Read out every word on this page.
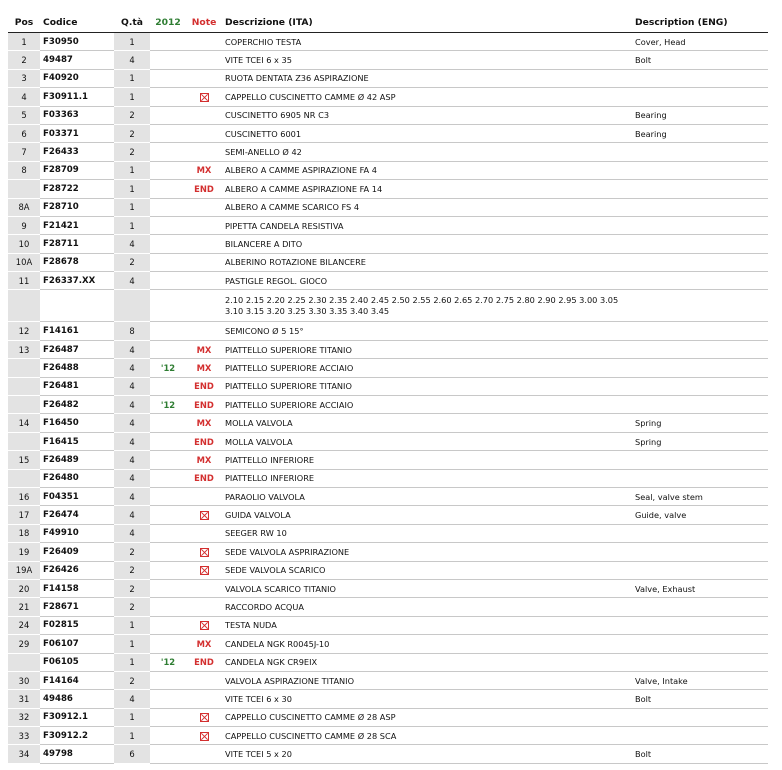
Pos	Codice	Q.tà	2012	Note	Descrizione (ITA)	Description (ENG)
1	F30950	1			COPERCHIO TESTA	Cover, Head
2	49487	4			VITE TCEI 6 x 35	Bolt
3	F40920	1			RUOTA DENTATA Z36 ASPIRAZIONE	
4	F30911.1	1			CAPPELLO CUSCINETTO CAMME Ø 42 ASP	
5	F03363	2			CUSCINETTO 6905 NR C3	Bearing
6	F03371	2			CUSCINETTO 6001	Bearing
7	F26433	2			SEMI-ANELLO Ø 42	
8	F28709	1		MX	ALBERO A CAMME ASPIRAZIONE FA 4	
	F28722	1		END	ALBERO A CAMME ASPIRAZIONE FA 14	
8A	F28710	1			ALBERO A CAMME SCARICO FS 4	
9	F21421	1			PIPETTA CANDELA RESISTIVA	
10	F28711	4			BILANCERE A DITO	
10A	F28678	2			ALBERINO ROTAZIONE BILANCERE	
11	F26337.XX	4			PASTIGLE REGOL. GIOCO	
					2.10 2.15 2.20 2.25 2.30 2.35 2.40 2.45 2.50 2.55 2.60 2.65 2.70 2.75 2.80 2.90 2.95 3.00 3.05 3.10 3.15 3.20 3.25 3.30 3.35 3.40 3.45	
12	F14161	8			SEMICONO Ø 5 15°	
13	F26487	4		MX	PIATTELLO SUPERIORE TITANIO	
	F26488	4	'12	MX	PIATTELLO SUPERIORE ACCIAIO	
	F26481	4		END	PIATTELLO SUPERIORE TITANIO	
	F26482	4	'12	END	PIATTELLO SUPERIORE ACCIAIO	
14	F16450	4		MX	MOLLA VALVOLA	Spring
	F16415	4		END	MOLLA VALVOLA	Spring
15	F26489	4		MX	PIATTELLO INFERIORE	
	F26480	4		END	PIATTELLO INFERIORE	
16	F04351	4			PARAOLIO VALVOLA	Seal, valve stem
17	F26474	4			GUIDA VALVOLA	Guide, valve
18	F49910	4			SEEGER RW 10	
19	F26409	2			SEDE VALVOLA ASPRIRAZIONE	
19A	F26426	2			SEDE VALVOLA SCARICO	
20	F14158	2			VALVOLA SCARICO TITANIO	Valve, Exhaust
21	F28671	2			RACCORDO ACQUA	
24	F02815	1			TESTA NUDA	
29	F06107	1		MX	CANDELA NGK R0045J-10	
	F06105	1	'12	END	CANDELA NGK CR9EIX	
30	F14164	2			VALVOLA ASPIRAZIONE TITANIO	Valve, Intake
31	49486	4			VITE TCEI 6 x 30	Bolt
32	F30912.1	1			CAPPELLO CUSCINETTO CAMME Ø 28 ASP	
33	F30912.2	1			CAPPELLO CUSCINETTO CAMME Ø 28 SCA	
34	49798	6			VITE TCEI 5 x 20	Bolt
